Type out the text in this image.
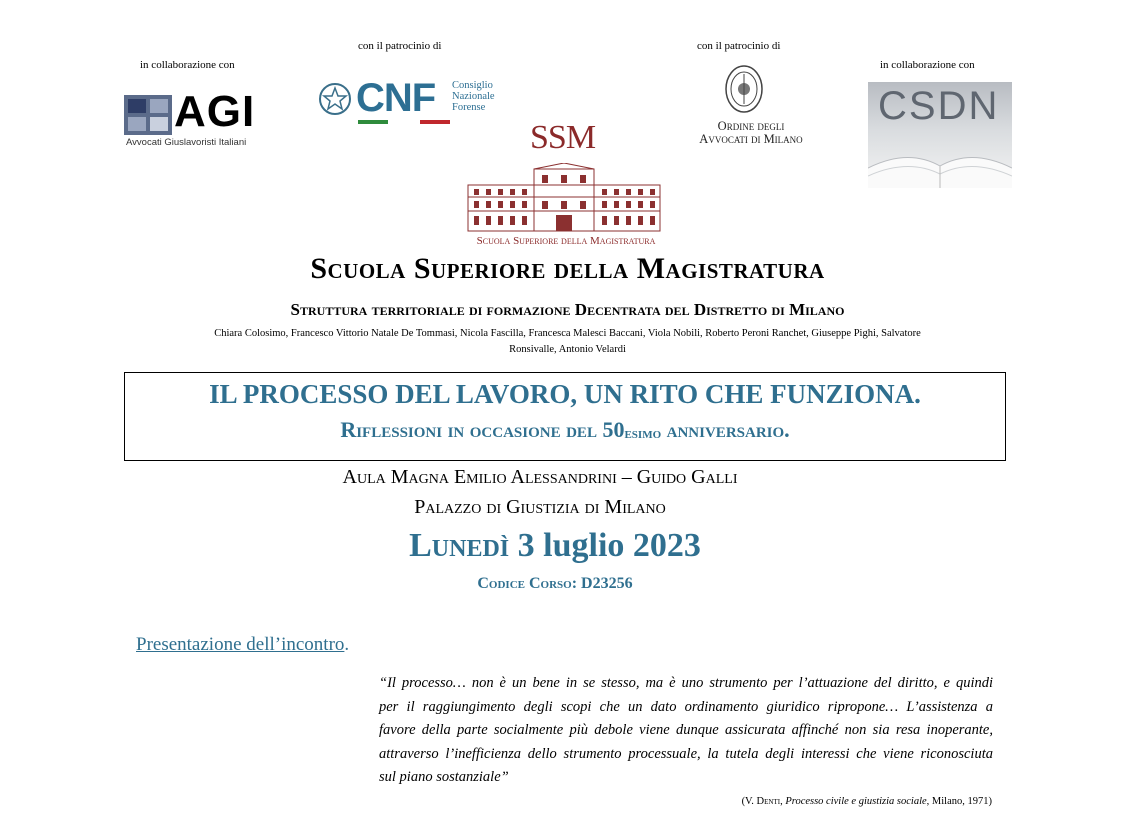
in collaborazione con
con il patrocinio di	con il patrocinio di
in collaborazione con
AGI
Avvocati Giuslavoristi Italiani
CNF Consiglio
Nazionale
Forense
SSM
Scuola Superiore della Magistratura
Ordine degli
Avvocati di Milano
CSDN
Scuola Superiore della Magistratura
Struttura territoriale di formazione Decentrata del Distretto di Milano
Chiara Colosimo, Francesco Vittorio Natale De Tommasi, Nicola Fascilla, Francesca Malesci Baccani, Viola Nobili, Roberto Peroni Ranchet, Giuseppe Pighi, Salvatore
Ronsivalle, Antonio Velardi
IL PROCESSO DEL LAVORO, UN RITO CHE FUNZIONA.
Riflessioni in occasione del 50esimo anniversario.
Aula Magna Emilio Alessandrini – Guido Galli
Palazzo di Giustizia di Milano
Lunedì 3 luglio 2023
Codice Corso: D23256
Presentazione dell’incontro.
“Il processo… non è un bene in se stesso, ma è uno strumento per l’attuazione del diritto, e quindi
per il raggiungimento degli scopi che un dato ordinamento giuridico ripropone… L’assistenza a
favore della parte socialmente più debole viene dunque assicurata affinché non sia resa inoperante,
attraverso l’inefficienza dello strumento processuale, la tutela degli interessi che viene riconosciuta
sul piano sostanziale”
(V. Denti, Processo civile e giustizia sociale, Milano, 1971)
